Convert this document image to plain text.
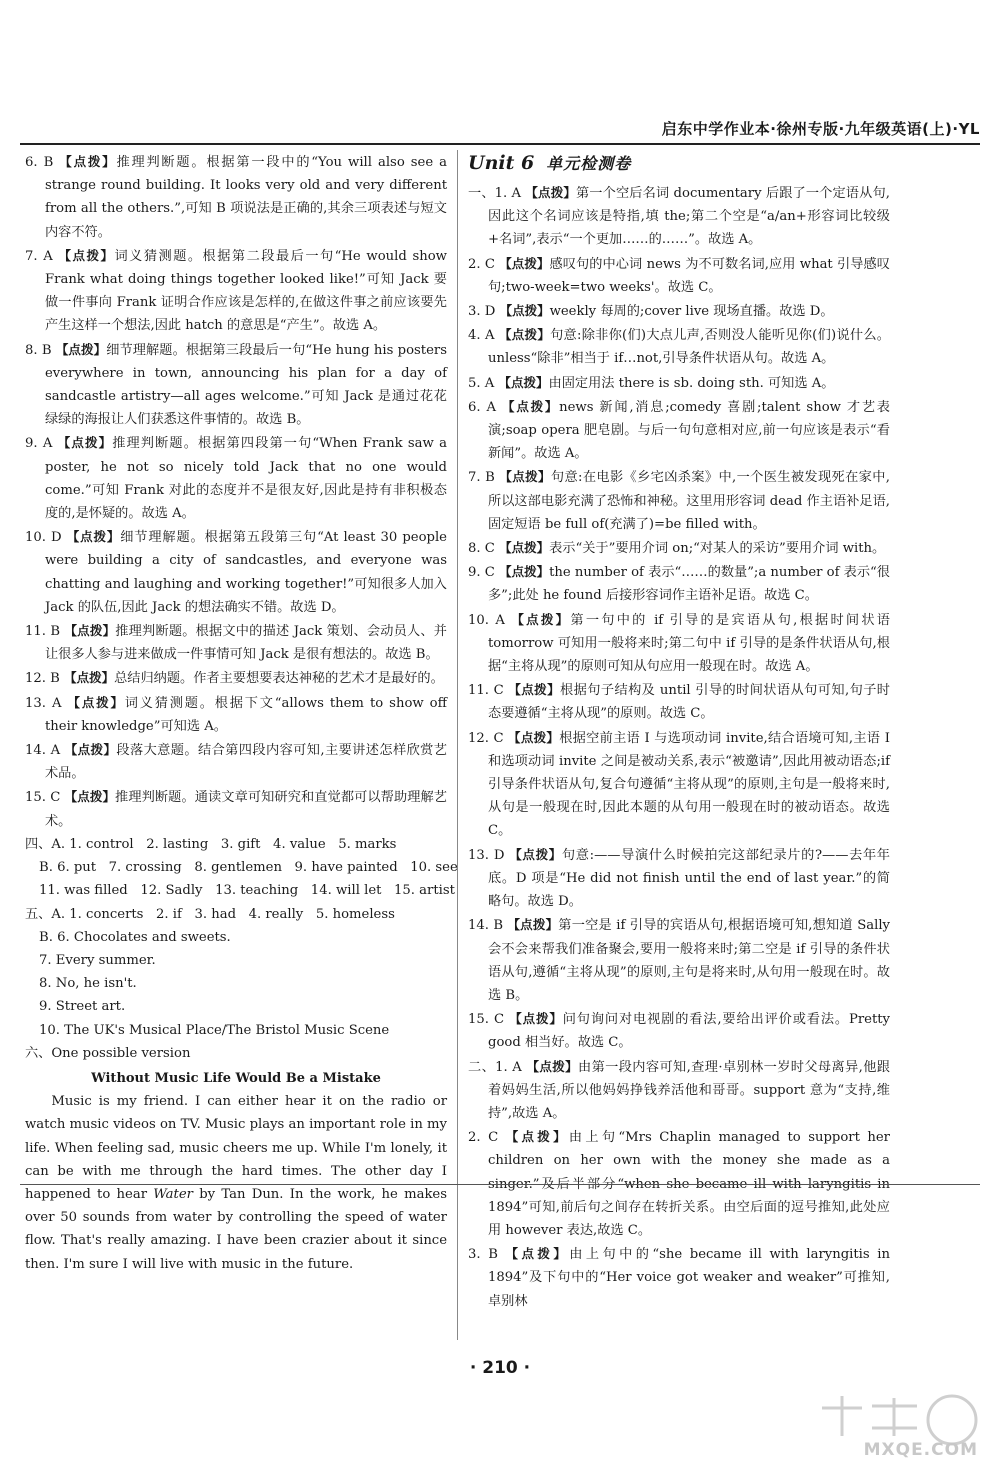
启东中学作业本·徐州专版·九年级英语(上)·YL

6. B 【点拨】推理判断题。根据第一段中的“You will also see a strange round building. It looks very old and very different from all the others.”,可知 B 项说法是正确的,其余三项表述与短文内容不符。

7. A 【点拨】词义猜测题。根据第二段最后一句“He would show Frank what doing things together looked like!”可知 Jack 要做一件事向 Frank 证明合作应该是怎样的,在做这件事之前应该要先产生这样一个想法,因此 hatch 的意思是“产生”。故选 A。

8. B 【点拨】细节理解题。根据第三段最后一句“He hung his posters everywhere in town, announcing his plan for a day of sandcastle artistry—all ages welcome.”可知 Jack 是通过花花绿绿的海报让人们获悉这件事情的。故选 B。

9. A 【点拨】推理判断题。根据第四段第一句“When Frank saw a poster, he not so nicely told Jack that no one would come.”可知 Frank 对此的态度并不是很友好,因此是持有非积极态度的,是怀疑的。故选 A。

10. D 【点拨】细节理解题。根据第五段第三句“At least 30 people were building a city of sandcastles, and everyone was chatting and laughing and working together!”可知很多人加入 Jack 的队伍,因此 Jack 的想法确实不错。故选 D。

11. B 【点拨】推理判断题。根据文中的描述 Jack 策划、会动员人、并让很多人参与进来做成一件事情可知 Jack 是很有想法的。故选 B。

12. B 【点拨】总结归纳题。作者主要想要表达神秘的艺术才是最好的。

13. A 【点拨】词义猜测题。根据下文“allows them to show off their knowledge”可知选 A。

14. A 【点拨】段落大意题。结合第四段内容可知,主要讲述怎样欣赏艺术品。

15. C 【点拨】推理判断题。通读文章可知研究和直觉都可以帮助理解艺术。

四、A. 1. control   2. lasting   3. gift   4. value   5. marks

B. 6. put   7. crossing   8. gentlemen   9. have painted   10. see

11. was filled   12. Sadly   13. teaching   14. will let   15. artist

五、A. 1. concerts   2. if   3. had   4. really   5. homeless

B. 6. Chocolates and sweets.

7. Every summer.

8. No, he isn't.

9. Street art.

10. The UK's Musical Place/The Bristol Music Scene

六、One possible version

Without Music Life Would Be a Mistake

Music is my friend. I can either hear it on the radio or watch music videos on TV. Music plays an important role in my life. When feeling sad, music cheers me up. While I'm lonely, it can be with me through the hard times. The other day I happened to hear Water by Tan Dun. In the work, he makes over 50 sounds from water by controlling the speed of water flow. That's really amazing. I have been crazier about it since then. I'm sure I will live with music in the future.

Unit 6 单元检测卷

一、1. A 【点拨】第一个空后名词 documentary 后跟了一个定语从句,因此这个名词应该是特指,填 the;第二个空是“a/an+形容词比较级+名词”,表示“一个更加……的……”。故选 A。

2. C 【点拨】感叹句的中心词 news 为不可数名词,应用 what 引导感叹句;two-week=two weeks'。故选 C。

3. D 【点拨】weekly 每周的;cover live 现场直播。故选 D。

4. A 【点拨】句意:除非你(们)大点儿声,否则没人能听见你(们)说什么。unless“除非”相当于 if…not,引导条件状语从句。故选 A。

5. A 【点拨】由固定用法 there is sb. doing sth. 可知选 A。

6. A 【点拨】news 新闻,消息;comedy 喜剧;talent show 才艺表演;soap opera 肥皂剧。与后一句句意相对应,前一句应该是表示“看新闻”。故选 A。

7. B 【点拨】句意:在电影《乡宅凶杀案》中,一个医生被发现死在家中,所以这部电影充满了恐怖和神秘。这里用形容词 dead 作主语补足语,固定短语 be full of(充满了)=be filled with。

8. C 【点拨】表示“关于”要用介词 on;“对某人的采访”要用介词 with。

9. C 【点拨】the number of 表示“……的数量”;a number of 表示“很多”;此处 he found 后接形容词作主语补足语。故选 C。

10. A 【点拨】第一句中的 if 引导的是宾语从句,根据时间状语 tomorrow 可知用一般将来时;第二句中 if 引导的是条件状语从句,根据“主将从现”的原则可知从句应用一般现在时。故选 A。

11. C 【点拨】根据句子结构及 until 引导的时间状语从句可知,句子时态要遵循“主将从现”的原则。故选 C。

12. C 【点拨】根据空前主语 I 与选项动词 invite,结合语境可知,主语 I 和选项动词 invite 之间是被动关系,表示“被邀请”,因此用被动语态;if 引导条件状语从句,复合句遵循“主将从现”的原则,主句是一般将来时,从句是一般现在时,因此本题的从句用一般现在时的被动语态。故选 C。

13. D 【点拨】句意:——导演什么时候拍完这部纪录片的?——去年年底。D 项是“He did not finish until the end of last year.”的简略句。故选 D。

14. B 【点拨】第一空是 if 引导的宾语从句,根据语境可知,想知道 Sally 会不会来帮我们准备聚会,要用一般将来时;第二空是 if 引导的条件状语从句,遵循“主将从现”的原则,主句是将来时,从句用一般现在时。故选 B。

15. C 【点拨】问句询问对电视剧的看法,要给出评价或看法。Pretty good 相当好。故选 C。

二、1. A 【点拨】由第一段内容可知,查理·卓别林一岁时父母离异,他跟着妈妈生活,所以他妈妈挣钱养活他和哥哥。support 意为“支持,维持”,故选 A。

2. C 【点拨】由上句“Mrs Chaplin managed to support her children on her own with the money she made as a singer.”及后半部分“when she became ill with laryngitis in 1894”可知,前后句之间存在转折关系。由空后面的逗号推知,此处应用 however 表达,故选 C。

3. B 【点拨】由上句中的“she became ill with laryngitis in 1894”及下句中的“Her voice got weaker and weaker”可推知,卓别林

· 210 ·
MXQE.COM
